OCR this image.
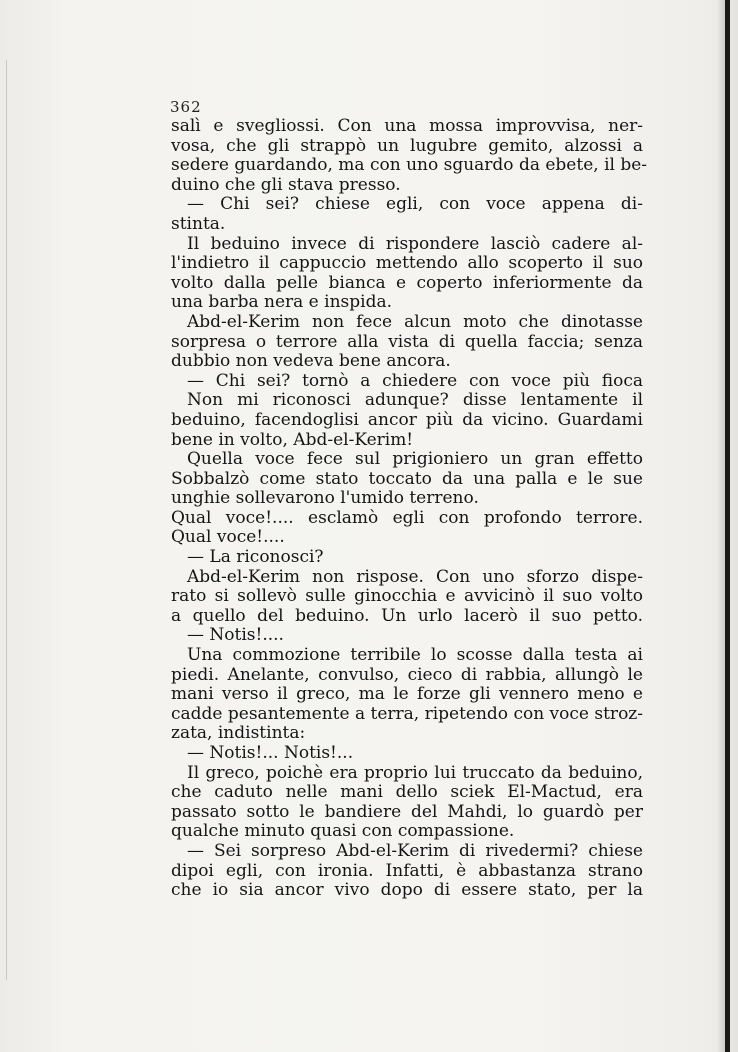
362
salì e svegliossi. Con una mossa improvvisa, ner-
vosa, che gli strappò un lugubre gemito, alzossi a
sedere guardando, ma con uno sguardo da ebete, il be-
duino che gli stava presso.
— Chi sei? chiese egli, con voce appena di-
stinta.
Il beduino invece di rispondere lasciò cadere al-
l'indietro il cappuccio mettendo allo scoperto il suo
volto dalla pelle bianca e coperto inferiormente da
una barba nera e inspida.
Abd-el-Kerim non fece alcun moto che dinotasse
sorpresa o terrore alla vista di quella faccia; senza
dubbio non vedeva bene ancora.
— Chi sei? tornò a chiedere con voce più fioca
Non mi riconosci adunque? disse lentamente il
beduino, facendoglisi ancor più da vicino. Guardami
bene in volto, Abd-el-Kerim!
Quella voce fece sul prigioniero un gran effetto
Sobbalzò come stato toccato da una palla e le sue
unghie sollevarono l'umido terreno.
Qual voce!.... esclamò egli con profondo terrore.
Qual voce!....
— La riconosci?
Abd-el-Kerim non rispose. Con uno sforzo dispe-
rato si sollevò sulle ginocchia e avvicinò il suo volto
a quello del beduino. Un urlo lacerò il suo petto.
— Notis!....
Una commozione terribile lo scosse dalla testa ai
piedi. Anelante, convulso, cieco di rabbia, allungò le
mani verso il greco, ma le forze gli vennero meno e
cadde pesantemente a terra, ripetendo con voce stroz-
zata, indistinta:
— Notis!... Notis!...
Il greco, poichè era proprio lui truccato da beduino,
che caduto nelle mani dello sciek El-Mactud, era
passato sotto le bandiere del Mahdi, lo guardò per
qualche minuto quasi con compassione.
— Sei sorpreso Abd-el-Kerim di rivedermi? chiese
dipoi egli, con ironia. Infatti, è abbastanza strano
che io sia ancor vivo dopo di essere stato, per la
